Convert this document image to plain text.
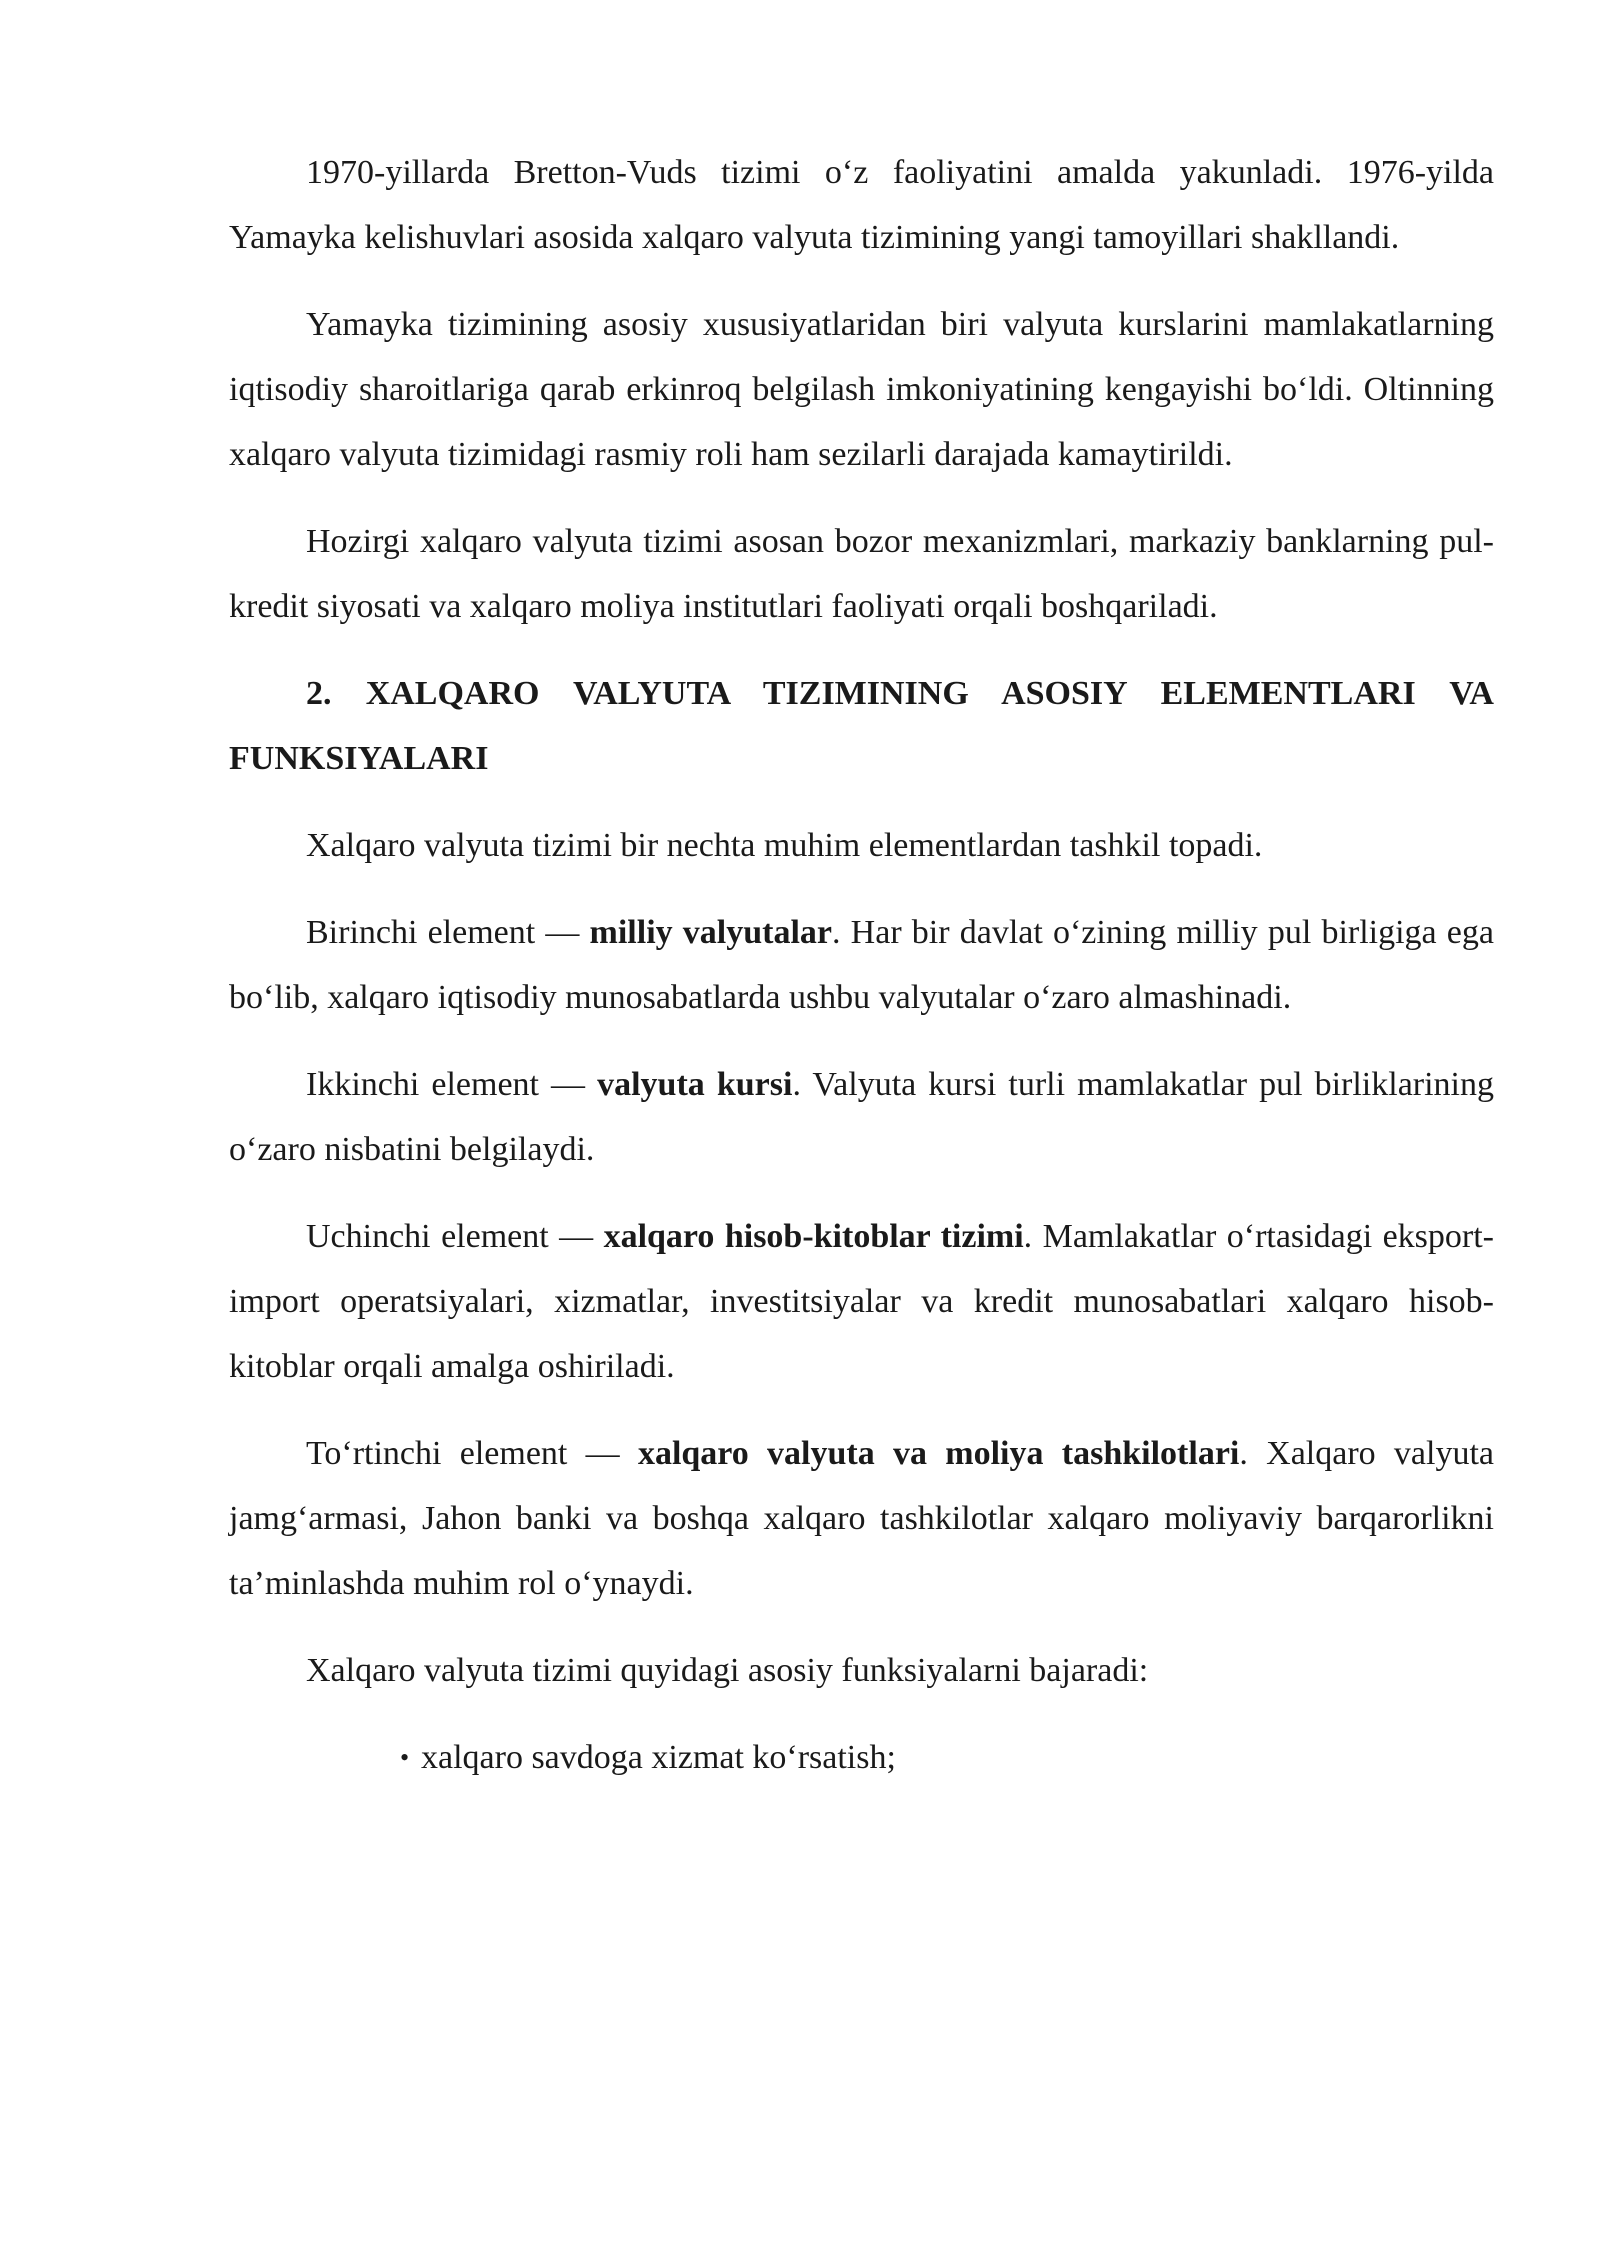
1970-yillarda Bretton-Vuds tizimi o‘z faoliyatini amalda yakunladi. 1976-yilda Yamayka kelishuvlari asosida xalqaro valyuta tizimining yangi tamoyillari shakllandi.

Yamayka tizimining asosiy xususiyatlaridan biri valyuta kurslarini mamlakatlarning iqtisodiy sharoitlariga qarab erkinroq belgilash imkoniyatining kengayishi bo‘ldi. Oltinning xalqaro valyuta tizimidagi rasmiy roli ham sezilarli darajada kamaytirildi.

Hozirgi xalqaro valyuta tizimi asosan bozor mexanizmlari, markaziy banklarning pul-kredit siyosati va xalqaro moliya institutlari faoliyati orqali boshqariladi.

2. XALQARO VALYUTA TIZIMINING ASOSIY ELEMENTLARI VA FUNKSIYALARI

Xalqaro valyuta tizimi bir nechta muhim elementlardan tashkil topadi.

Birinchi element — milliy valyutalar. Har bir davlat o‘zining milliy pul birligiga ega bo‘lib, xalqaro iqtisodiy munosabatlarda ushbu valyutalar o‘zaro almashinadi.

Ikkinchi element — valyuta kursi. Valyuta kursi turli mamlakatlar pul birliklarining o‘zaro nisbatini belgilaydi.

Uchinchi element — xalqaro hisob-kitoblar tizimi. Mamlakatlar o‘rtasidagi eksport-import operatsiyalari, xizmatlar, investitsiyalar va kredit munosabatlari xalqaro hisob-kitoblar orqali amalga oshiriladi.

To‘rtinchi element — xalqaro valyuta va moliya tashkilotlari. Xalqaro valyuta jamg‘armasi, Jahon banki va boshqa xalqaro tashkilotlar xalqaro moliyaviy barqarorlikni ta’minlashda muhim rol o‘ynaydi.

Xalqaro valyuta tizimi quyidagi asosiy funksiyalarni bajaradi:

• xalqaro savdoga xizmat ko‘rsatish;
